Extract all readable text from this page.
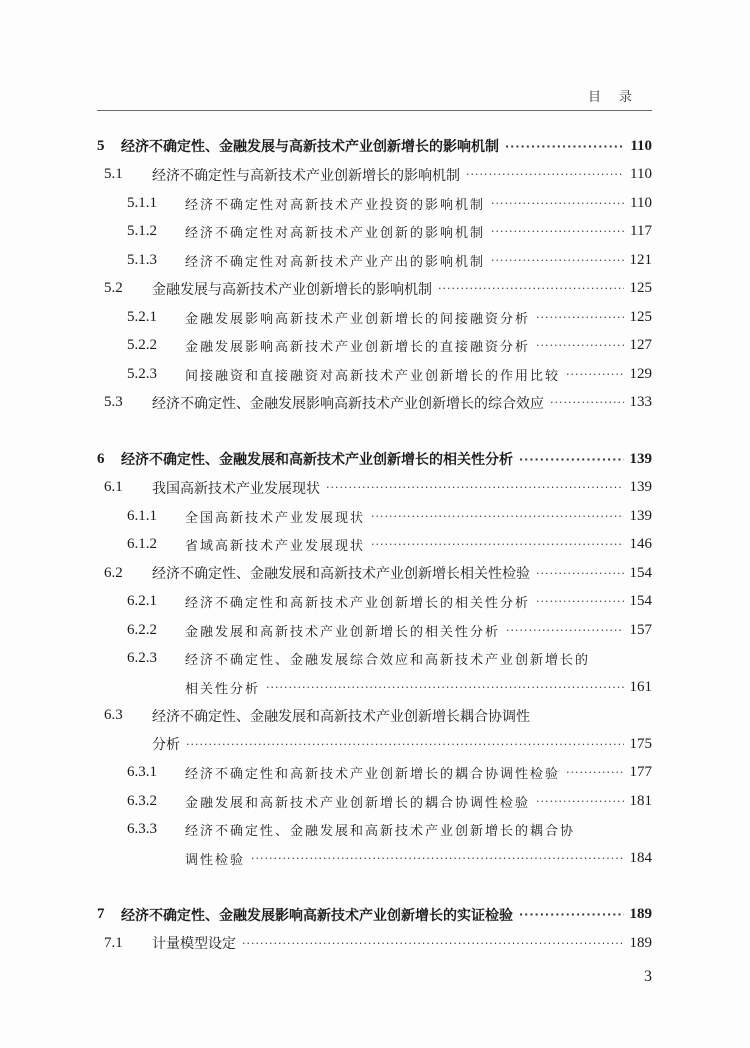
目录
5	经济不确定性、金融发展与高新技术产业创新增长的影响机制 ·····	110
5.1	经济不确定性与高新技术产业创新增长的影响机制 ·····	110
5.1.1	经济不确定性对高新技术产业投资的影响机制 ·····	110
5.1.2	经济不确定性对高新技术产业创新的影响机制 ·····	117
5.1.3	经济不确定性对高新技术产业产出的影响机制 ·····	121
5.2	金融发展与高新技术产业创新增长的影响机制 ·····	125
5.2.1	金融发展影响高新技术产业创新增长的间接融资分析 ·····	125
5.2.2	金融发展影响高新技术产业创新增长的直接融资分析 ·····	127
5.2.3	间接融资和直接融资对高新技术产业创新增长的作用比较 ·····	129
5.3	经济不确定性、金融发展影响高新技术产业创新增长的综合效应 ·····	133
6	经济不确定性、金融发展和高新技术产业创新增长的相关性分析 ·····	139
6.1	我国高新技术产业发展现状 ·····	139
6.1.1	全国高新技术产业发展现状 ·····	139
6.1.2	省域高新技术产业发展现状 ·····	146
6.2	经济不确定性、金融发展和高新技术产业创新增长相关性检验 ·····	154
6.2.1	经济不确定性和高新技术产业创新增长的相关性分析 ·····	154
6.2.2	金融发展和高新技术产业创新增长的相关性分析 ·····	157
6.2.3	经济不确定性、金融发展综合效应和高新技术产业创新增长的
相关性分析 ·····	161
6.3	经济不确定性、金融发展和高新技术产业创新增长耦合协调性
分析 ·····	175
6.3.1	经济不确定性和高新技术产业创新增长的耦合协调性检验 ·····	177
6.3.2	金融发展和高新技术产业创新增长的耦合协调性检验 ·····	181
6.3.3	经济不确定性、金融发展和高新技术产业创新增长的耦合协
调性检验 ·····	184
7	经济不确定性、金融发展影响高新技术产业创新增长的实证检验 ·····	189
7.1	计量模型设定 ·····	189
3
